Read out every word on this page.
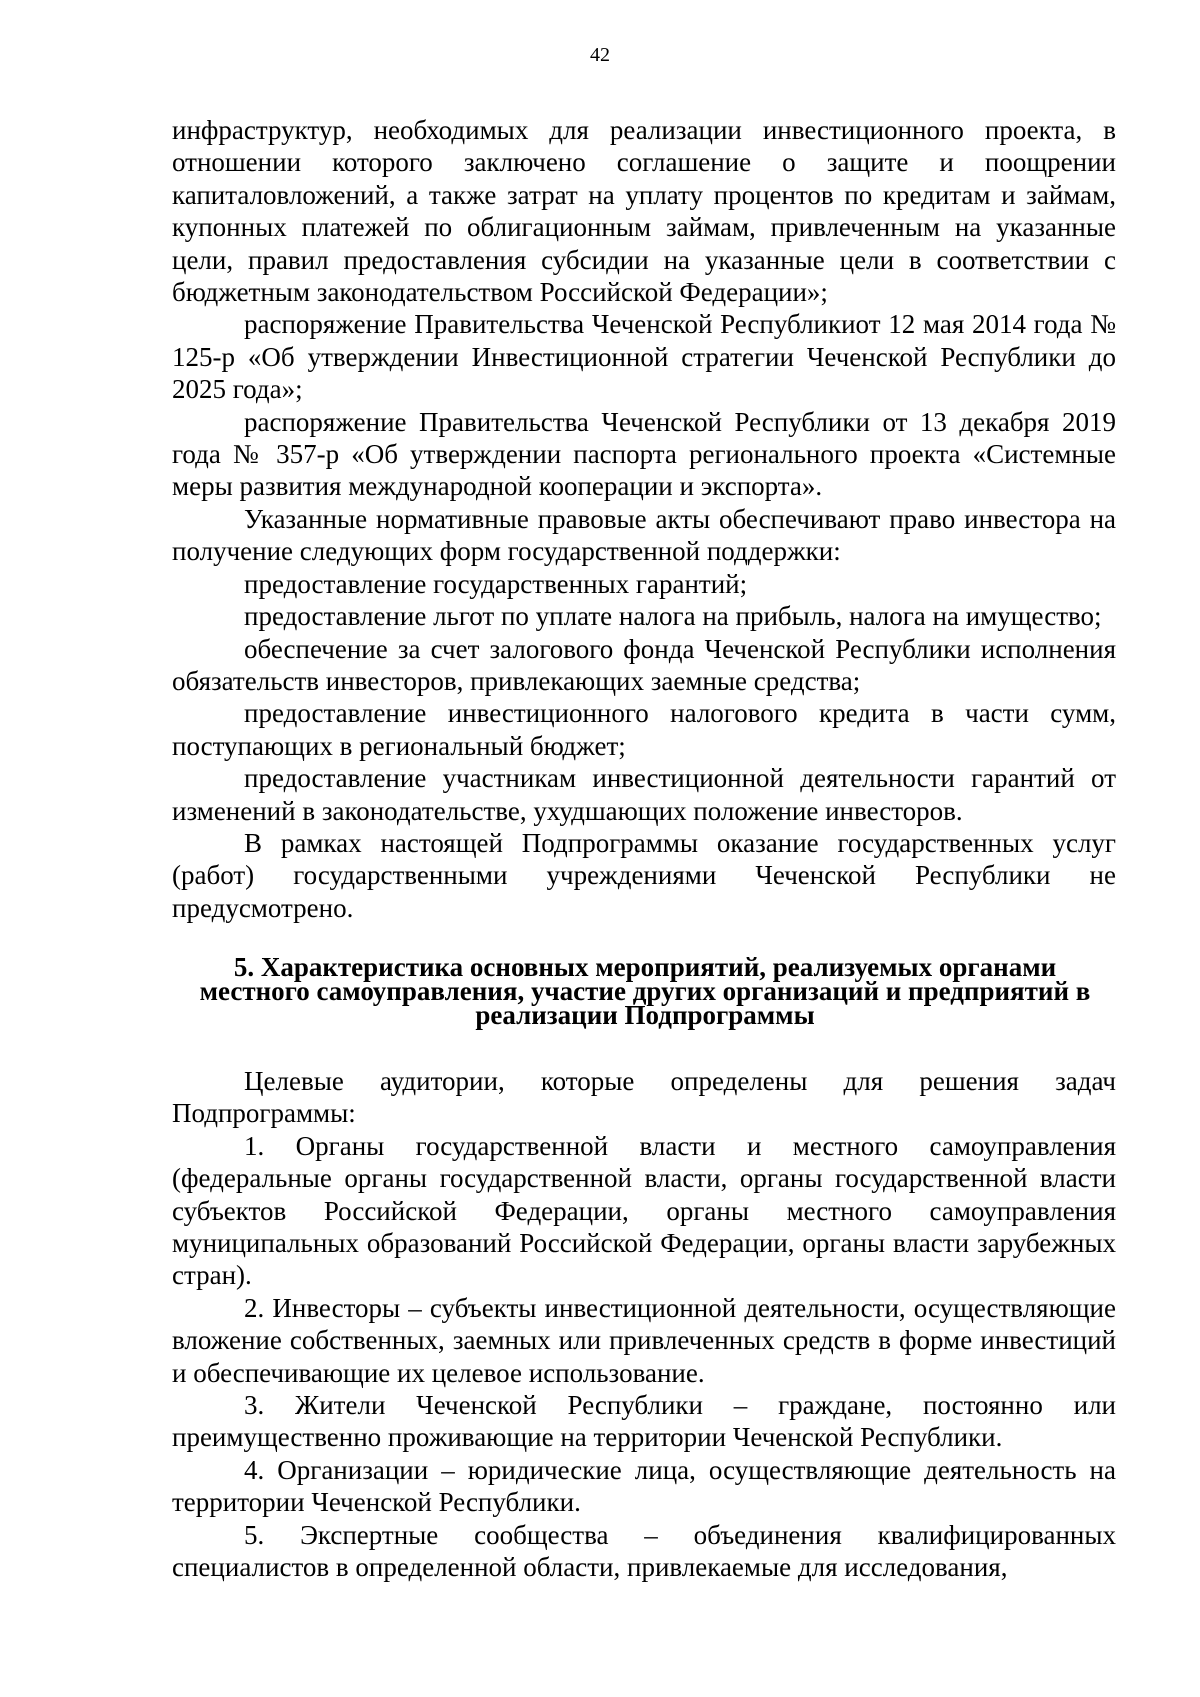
42

инфраструктур, необходимых для реализации инвестиционного проекта, в отношении которого заключено соглашение о защите и поощрении капиталовложений, а также затрат на уплату процентов по кредитам и займам, купонных платежей по облигационным займам, привлеченным на указанные цели, правил предоставления субсидии на указанные цели в соответствии с бюджетным законодательством Российской Федерации»;

распоряжение Правительства Чеченской Республикиот 12 мая 2014 года № 125-р «Об утверждении Инвестиционной стратегии Чеченской Республики до 2025 года»;

распоряжение Правительства Чеченской Республики от 13 декабря 2019 года № 357-р «Об утверждении паспорта регионального проекта «Системные меры развития международной кооперации и экспорта».

Указанные нормативные правовые акты обеспечивают право инвестора на получение следующих форм государственной поддержки:

предоставление государственных гарантий;

предоставление льгот по уплате налога на прибыль, налога на имущество;

обеспечение за счет залогового фонда Чеченской Республики исполнения обязательств инвесторов, привлекающих заемные средства;

предоставление инвестиционного налогового кредита в части сумм, поступающих в региональный бюджет;

предоставление участникам инвестиционной деятельности гарантий от изменений в законодательстве, ухудшающих положение инвесторов.

В рамках настоящей Подпрограммы оказание государственных услуг (работ) государственными учреждениями Чеченской Республики не предусмотрено.

5. Характеристика основных мероприятий, реализуемых органами
местного самоуправления, участие других организаций и предприятий в
реализации Подпрограммы

Целевые аудитории, которые определены для решения задач Подпрограммы:

1. Органы государственной власти и местного самоуправления (федеральные органы государственной власти, органы государственной власти субъектов Российской Федерации, органы местного самоуправления муниципальных образований Российской Федерации, органы власти зарубежных стран).

2. Инвесторы – субъекты инвестиционной деятельности, осуществляющие вложение собственных, заемных или привлеченных средств в форме инвестиций и обеспечивающие их целевое использование.

3. Жители Чеченской Республики – граждане, постоянно или преимущественно проживающие на территории Чеченской Республики.

4. Организации – юридические лица, осуществляющие деятельность на территории Чеченской Республики.

5. Экспертные сообщества – объединения квалифицированных специалистов в определенной области, привлекаемые для исследования,
